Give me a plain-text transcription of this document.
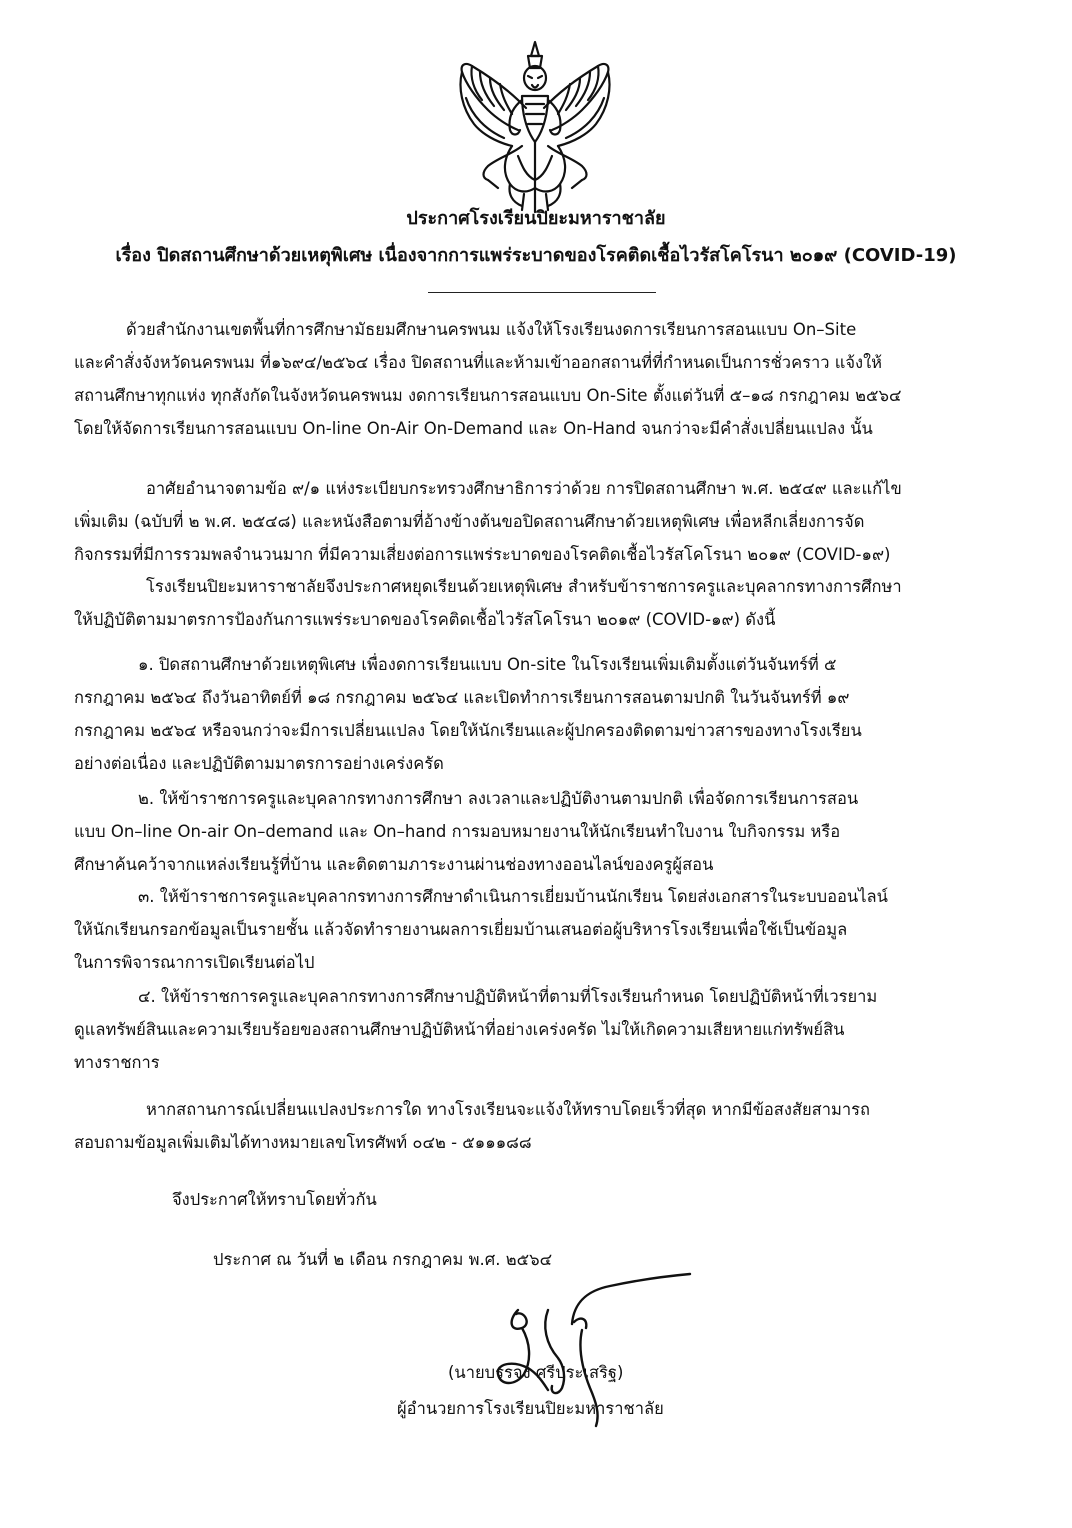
ประกาศโรงเรียนปิยะมหาราชาลัย
เรื่อง ปิดสถานศึกษาด้วยเหตุพิเศษ เนื่องจากการแพร่ระบาดของโรคติดเชื้อไวรัสโคโรนา ๒๐๑๙ (COVID-19)
ด้วยสำนักงานเขตพื้นที่การศึกษามัธยมศึกษานครพนม แจ้งให้โรงเรียนงดการเรียนการสอนแบบ On–Site
และคำสั่งจังหวัดนครพนม ที่๑๖๙๔/๒๕๖๔ เรื่อง ปิดสถานที่และห้ามเข้าออกสถานที่ที่กำหนดเป็นการชั่วคราว แจ้งให้
สถานศึกษาทุกแห่ง ทุกสังกัดในจังหวัดนครพนม งดการเรียนการสอนแบบ On-Site ตั้งแต่วันที่ ๕–๑๘ กรกฎาคม ๒๕๖๔
โดยให้จัดการเรียนการสอนแบบ On-line On-Air On-Demand และ On-Hand จนกว่าจะมีคำสั่งเปลี่ยนแปลง นั้น
อาศัยอำนาจตามข้อ ๙/๑ แห่งระเบียบกระทรวงศึกษาธิการว่าด้วย การปิดสถานศึกษา พ.ศ. ๒๕๔๙ และแก้ไข
เพิ่มเติม (ฉบับที่ ๒ พ.ศ. ๒๕๔๘) และหนังสือตามที่อ้างข้างต้นขอปิดสถานศึกษาด้วยเหตุพิเศษ เพื่อหลีกเลี่ยงการจัด
กิจกรรมที่มีการรวมพลจำนวนมาก ที่มีความเสี่ยงต่อการแพร่ระบาดของโรคติดเชื้อไวรัสโคโรนา ๒๐๑๙ (COVID-๑๙)
โรงเรียนปิยะมหาราชาลัยจึงประกาศหยุดเรียนด้วยเหตุพิเศษ สำหรับข้าราชการครูและบุคลากรทางการศึกษา
ให้ปฏิบัติตามมาตรการป้องกันการแพร่ระบาดของโรคติดเชื้อไวรัสโคโรนา ๒๐๑๙ (COVID-๑๙) ดังนี้
๑. ปิดสถานศึกษาด้วยเหตุพิเศษ เพื่องดการเรียนแบบ On-site ในโรงเรียนเพิ่มเติมตั้งแต่วันจันทร์ที่ ๕
กรกฎาคม ๒๕๖๔ ถึงวันอาทิตย์ที่ ๑๘ กรกฎาคม ๒๕๖๔ และเปิดทำการเรียนการสอนตามปกติ ในวันจันทร์ที่ ๑๙
กรกฎาคม ๒๕๖๔ หรือจนกว่าจะมีการเปลี่ยนแปลง โดยให้นักเรียนและผู้ปกครองติดตามข่าวสารของทางโรงเรียน
อย่างต่อเนื่อง และปฏิบัติตามมาตรการอย่างเคร่งครัด
๒. ให้ข้าราชการครูและบุคลากรทางการศึกษา ลงเวลาและปฏิบัติงานตามปกติ เพื่อจัดการเรียนการสอน
แบบ On–line On-air On–demand และ On–hand การมอบหมายงานให้นักเรียนทำใบงาน ใบกิจกรรม หรือ
ศึกษาค้นคว้าจากแหล่งเรียนรู้ที่บ้าน และติดตามภาระงานผ่านช่องทางออนไลน์ของครูผู้สอน
๓. ให้ข้าราชการครูและบุคลากรทางการศึกษาดำเนินการเยี่ยมบ้านนักเรียน โดยส่งเอกสารในระบบออนไลน์
ให้นักเรียนกรอกข้อมูลเป็นรายชั้น แล้วจัดทำรายงานผลการเยี่ยมบ้านเสนอต่อผู้บริหารโรงเรียนเพื่อใช้เป็นข้อมูล
ในการพิจารณาการเปิดเรียนต่อไป
๔. ให้ข้าราชการครูและบุคลากรทางการศึกษาปฏิบัติหน้าที่ตามที่โรงเรียนกำหนด โดยปฏิบัติหน้าที่เวรยาม
ดูแลทรัพย์สินและความเรียบร้อยของสถานศึกษาปฏิบัติหน้าที่อย่างเคร่งครัด ไม่ให้เกิดความเสียหายแก่ทรัพย์สิน
ทางราชการ
หากสถานการณ์เปลี่ยนแปลงประการใด ทางโรงเรียนจะแจ้งให้ทราบโดยเร็วที่สุด หากมีข้อสงสัยสามารถ
สอบถามข้อมูลเพิ่มเติมได้ทางหมายเลขโทรศัพท์ ๐๔๒ - ๕๑๑๑๘๘
จึงประกาศให้ทราบโดยทั่วกัน
ประกาศ ณ วันที่ ๒ เดือน กรกฎาคม พ.ศ. ๒๕๖๔
(นายบรรจง ศรีประเสริฐ)
ผู้อำนวยการโรงเรียนปิยะมหาราชาลัย
